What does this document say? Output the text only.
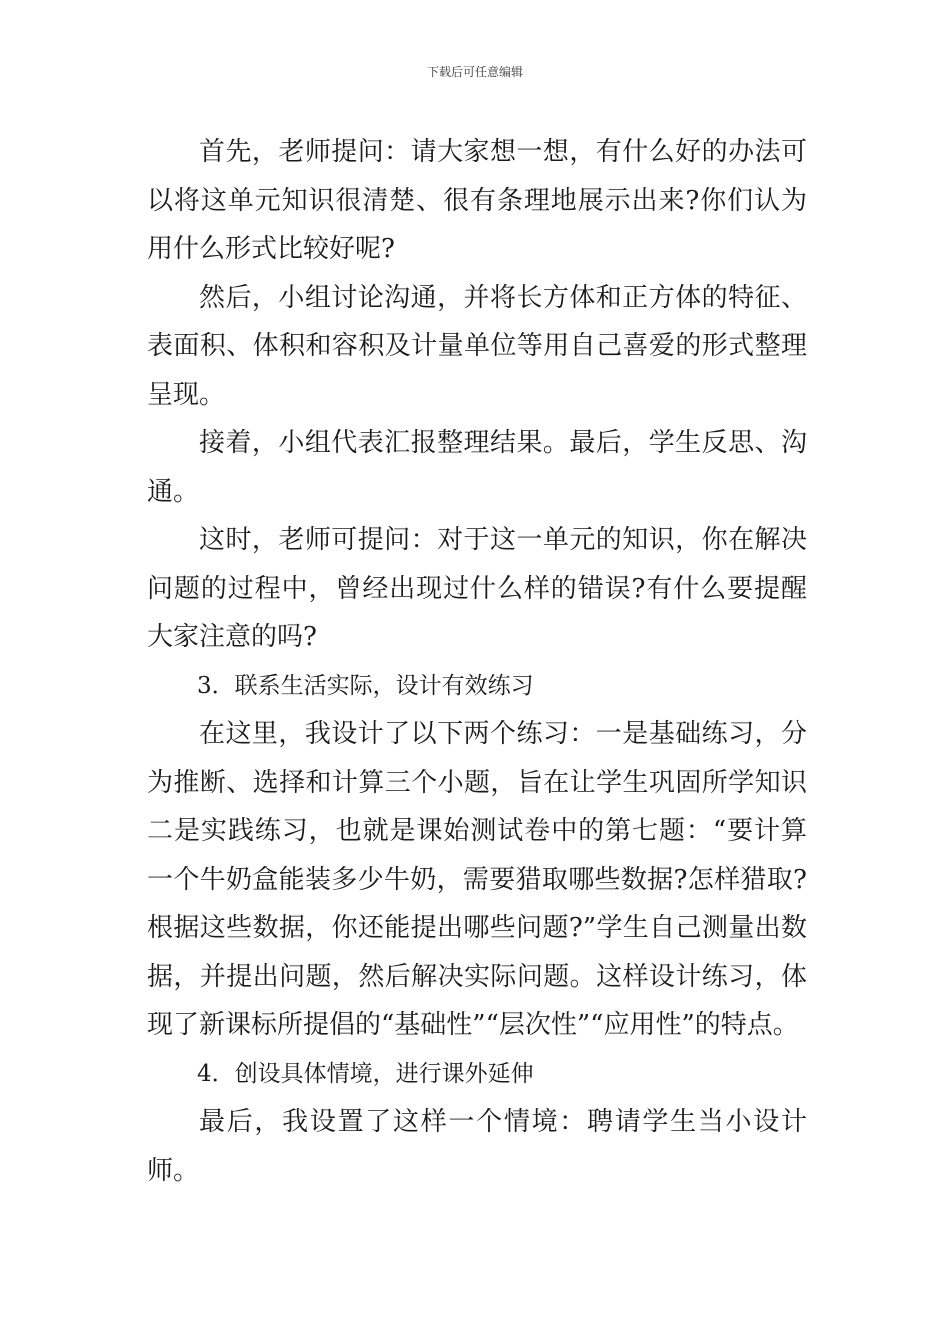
下载后可任意编辑

首先，老师提问：请大家想一想，有什么好的办法可以将这单元知识很清楚、很有条理地展示出来?你们认为用什么形式比较好呢?

然后，小组讨论沟通，并将长方体和正方体的特征、表面积、体积和容积及计量单位等用自己喜爱的形式整理呈现。

接着，小组代表汇报整理结果。最后，学生反思、沟通。

这时，老师可提问：对于这一单元的知识，你在解决问题的过程中，曾经出现过什么样的错误?有什么要提醒大家注意的吗?

3．联系生活实际，设计有效练习

在这里，我设计了以下两个练习：一是基础练习，分为推断、选择和计算三个小题，旨在让学生巩固所学知识二是实践练习，也就是课始测试卷中的第七题：“要计算一个牛奶盒能装多少牛奶，需要猎取哪些数据?怎样猎取?根据这些数据，你还能提出哪些问题?”学生自己测量出数据，并提出问题，然后解决实际问题。这样设计练习，体现了新课标所提倡的“基础性”“层次性”“应用性”的特点。

4．创设具体情境，进行课外延伸

最后，我设置了这样一个情境：聘请学生当小设计师。
